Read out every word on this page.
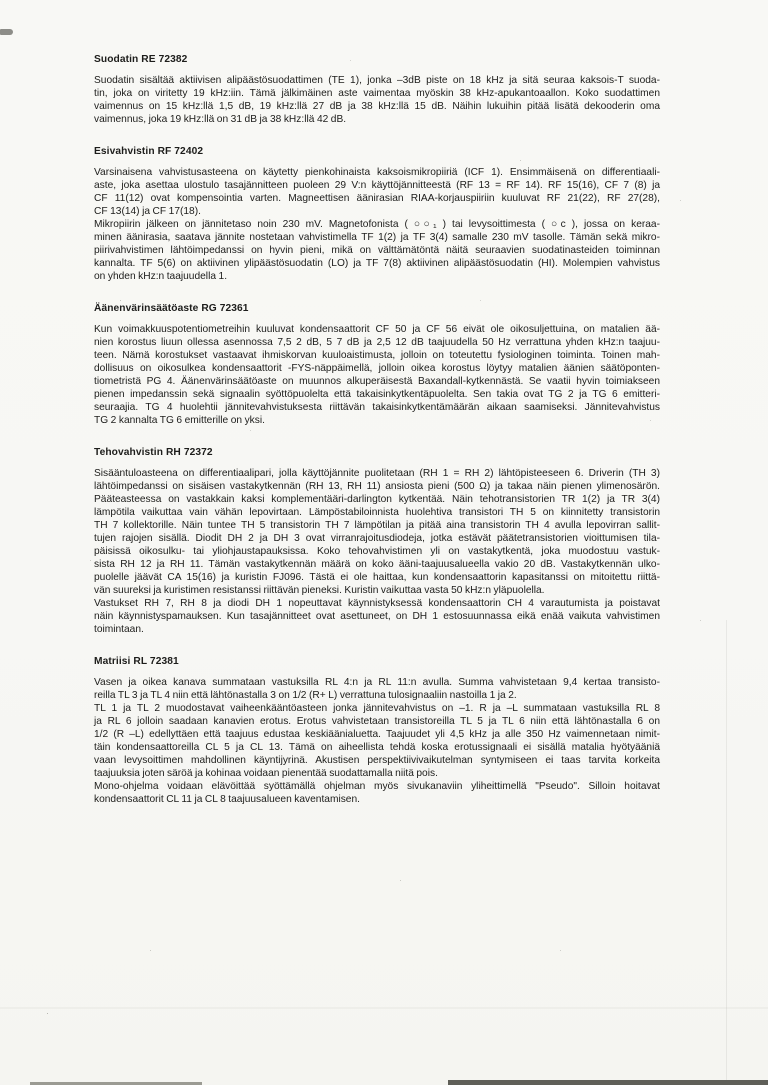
Suodatin RE 72382
Suodatin sisältää aktiivisen alipäästösuodattimen (TE 1), jonka –3dB piste on 18 kHz ja sitä seuraa kaksois-T suoda-
tin, joka on viritetty 19 kHz:iin. Tämä jälkimäinen aste vaimentaa myöskin 38 kHz-apukantoaallon. Koko suodattimen
vaimennus on 15 kHz:llä 1,5 dB, 19 kHz:llä 27 dB ja 38 kHz:llä 15 dB. Näihin lukuihin pitää lisätä dekooderin oma
vaimennus, joka 19 kHz:llä on 31 dB ja 38 kHz:llä 42 dB.
Esivahvistin RF 72402
Varsinaisena vahvistusasteena on käytetty pienkohinaista kaksoismikropiiriä (ICF 1). Ensimmäisenä on differentiaali-
aste, joka asettaa ulostulo tasajännitteen puoleen 29 V:n käyttöjännitteestä (RF 13 = RF 14). RF 15(16), CF 7 (8) ja
CF 11(12) ovat kompensointia varten. Magneettisen äänirasian RIAA-korjauspiiriin kuuluvat RF 21(22), RF 27(28),
CF 13(14) ja CF 17(18).
Mikropiirin jälkeen on jännitetaso noin 230 mV. Magnetofonista ( ○○₁ ) tai levysoittimesta ( ○c ), jossa on keraa-
minen äänirasia, saatava jännite nostetaan vahvistimella TF 1(2) ja TF 3(4) samalle 230 mV tasolle. Tämän sekä mikro-
piirivahvistimen lähtöimpedanssi on hyvin pieni, mikä on välttämätöntä näitä seuraavien suodatinasteiden toiminnan
kannalta. TF 5(6) on aktiivinen ylipäästösuodatin (LO) ja TF 7(8) aktiivinen alipäästösuodatin (HI). Molempien vahvistus
on yhden kHz:n taajuudella 1.
Äänenvärinsäätöaste RG 72361
Kun voimakkuuspotentiometreihin kuuluvat kondensaattorit CF 50 ja CF 56 eivät ole oikosuljettuina, on matalien ää-
nien korostus liuun ollessa asennossa 7,5 2 dB, 5 7 dB ja 2,5 12 dB taajuudella 50 Hz verrattuna yhden kHz:n taajuu-
teen. Nämä korostukset vastaavat ihmiskorvan kuuloaistimusta, jolloin on toteutettu fysiologinen toiminta. Toinen mah-
dollisuus on oikosulkea kondensaattorit -FYS-näppäimellä, jolloin oikea korostus löytyy matalien äänien säätöponten-
tiometristä PG 4. Äänenvärinsäätöaste on muunnos alkuperäisestä Baxandall-kytkennästä. Se vaatii hyvin toimiakseen
pienen impedanssin sekä signaalin syöttöpuolelta että takaisinkytkentäpuolelta. Sen takia ovat TG 2 ja TG 6 emitteri-
seuraajia. TG 4 huolehtii jännitevahvistuksesta riittävän takaisinkytkentämäärän aikaan saamiseksi. Jännitevahvistus
TG 2 kannalta TG 6 emitterille on yksi.
Tehovahvistin RH 72372
Sisääntuloasteena on differentiaalipari, jolla käyttöjännite puolitetaan (RH 1 = RH 2) lähtöpisteeseen 6. Driverin (TH 3)
lähtöimpedanssi on sisäisen vastakytkennän (RH 13, RH 11) ansiosta pieni (500 Ω) ja takaa näin pienen ylimenosärön.
Pääteasteessa on vastakkain kaksi komplementääri-darlington kytkentää. Näin tehotransistorien TR 1(2) ja TR 3(4)
lämpötila vaikuttaa vain vähän lepovirtaan. Lämpöstabiloinnista huolehtiva transistori TH 5 on kiinnitetty transistorin
TH 7 kollektorille. Näin tuntee TH 5 transistorin TH 7 lämpötilan ja pitää aina transistorin TH 4 avulla lepovirran sallit-
tujen rajojen sisällä. Diodit DH 2 ja DH 3 ovat virranrajoitusdiodeja, jotka estävät päätetransistorien vioittumisen tila-
päisissä oikosulku- tai yliohjaustapauksissa. Koko tehovahvistimen yli on vastakytkentä, joka muodostuu vastuk-
sista RH 12 ja RH 11. Tämän vastakytkennän määrä on koko ääni-taajuusalueella vakio 20 dB. Vastakytkennän ulko-
puolelle jäävät CA 15(16) ja kuristin FJ096. Tästä ei ole haittaa, kun kondensaattorin kapasitanssi on mitoitettu riittä-
vän suureksi ja kuristimen resistanssi riittävän pieneksi. Kuristin vaikuttaa vasta 50 kHz:n yläpuolella.
Vastukset RH 7, RH 8 ja diodi DH 1 nopeuttavat käynnistyksessä kondensaattorin CH 4 varautumista ja poistavat
näin käynnistyspamauksen. Kun tasajännitteet ovat asettuneet, on DH 1 estosuunnassa eikä enää vaikuta vahvistimen
toimintaan.
Matriisi RL 72381
Vasen ja oikea kanava summataan vastuksilla RL 4:n ja RL 11:n avulla. Summa vahvistetaan 9,4 kertaa transisto-
reilla TL 3 ja TL 4 niin että lähtönastalla 3 on 1/2 (R+ L) verrattuna tulosignaaliin nastoilla 1 ja 2.
TL 1 ja TL 2 muodostavat vaiheenkääntöasteen jonka jännitevahvistus on –1. R ja –L summataan vastuksilla RL 8
ja RL 6 jolloin saadaan kanavien erotus. Erotus vahvistetaan transistoreilla TL 5 ja TL 6 niin että lähtönastalla 6 on
1/2 (R –L) edellyttäen että taajuus edustaa keskiäänialuetta. Taajuudet yli 4,5 kHz ja alle 350 Hz vaimennetaan nimit-
täin kondensaattoreilla CL 5 ja CL 13. Tämä on aiheellista tehdä koska erotussignaali ei sisällä matalia hyötyääniä
vaan levysoittimen mahdollinen käyntijyrinä. Akustisen perspektiivivaikutelman syntymiseen ei taas tarvita korkeita
taajuuksia joten säröä ja kohinaa voidaan pienentää suodattamalla niitä pois.
Mono-ohjelma voidaan elävöittää syöttämällä ohjelman myös sivukanaviin yliheittimellä "Pseudo". Silloin hoitavat
kondensaattorit CL 11 ja CL 8 taajuusalueen kaventamisen.
